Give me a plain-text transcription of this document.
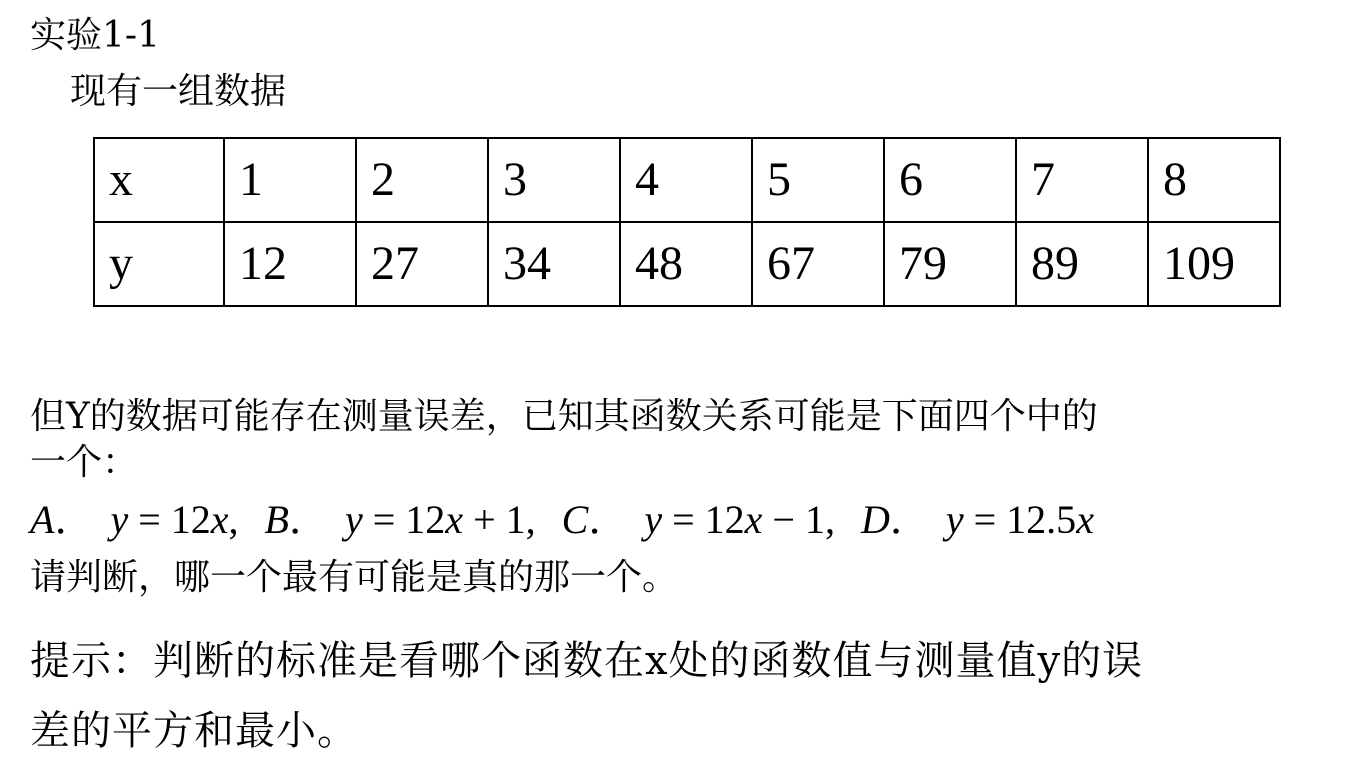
实验1-1
现有一组数据
x	1	2	3	4	5	6	7	8
y	12	27	34	48	67	79	89	109
但Y的数据可能存在测量误差，已知其函数关系可能是下面四个中的
一个：
A． y = 12x, B． y = 12x + 1, C． y = 12x − 1, D． y = 12.5x
请判断，哪一个最有可能是真的那一个。
提示：判断的标准是看哪个函数在x处的函数值与测量值y的误
差的平方和最小。
